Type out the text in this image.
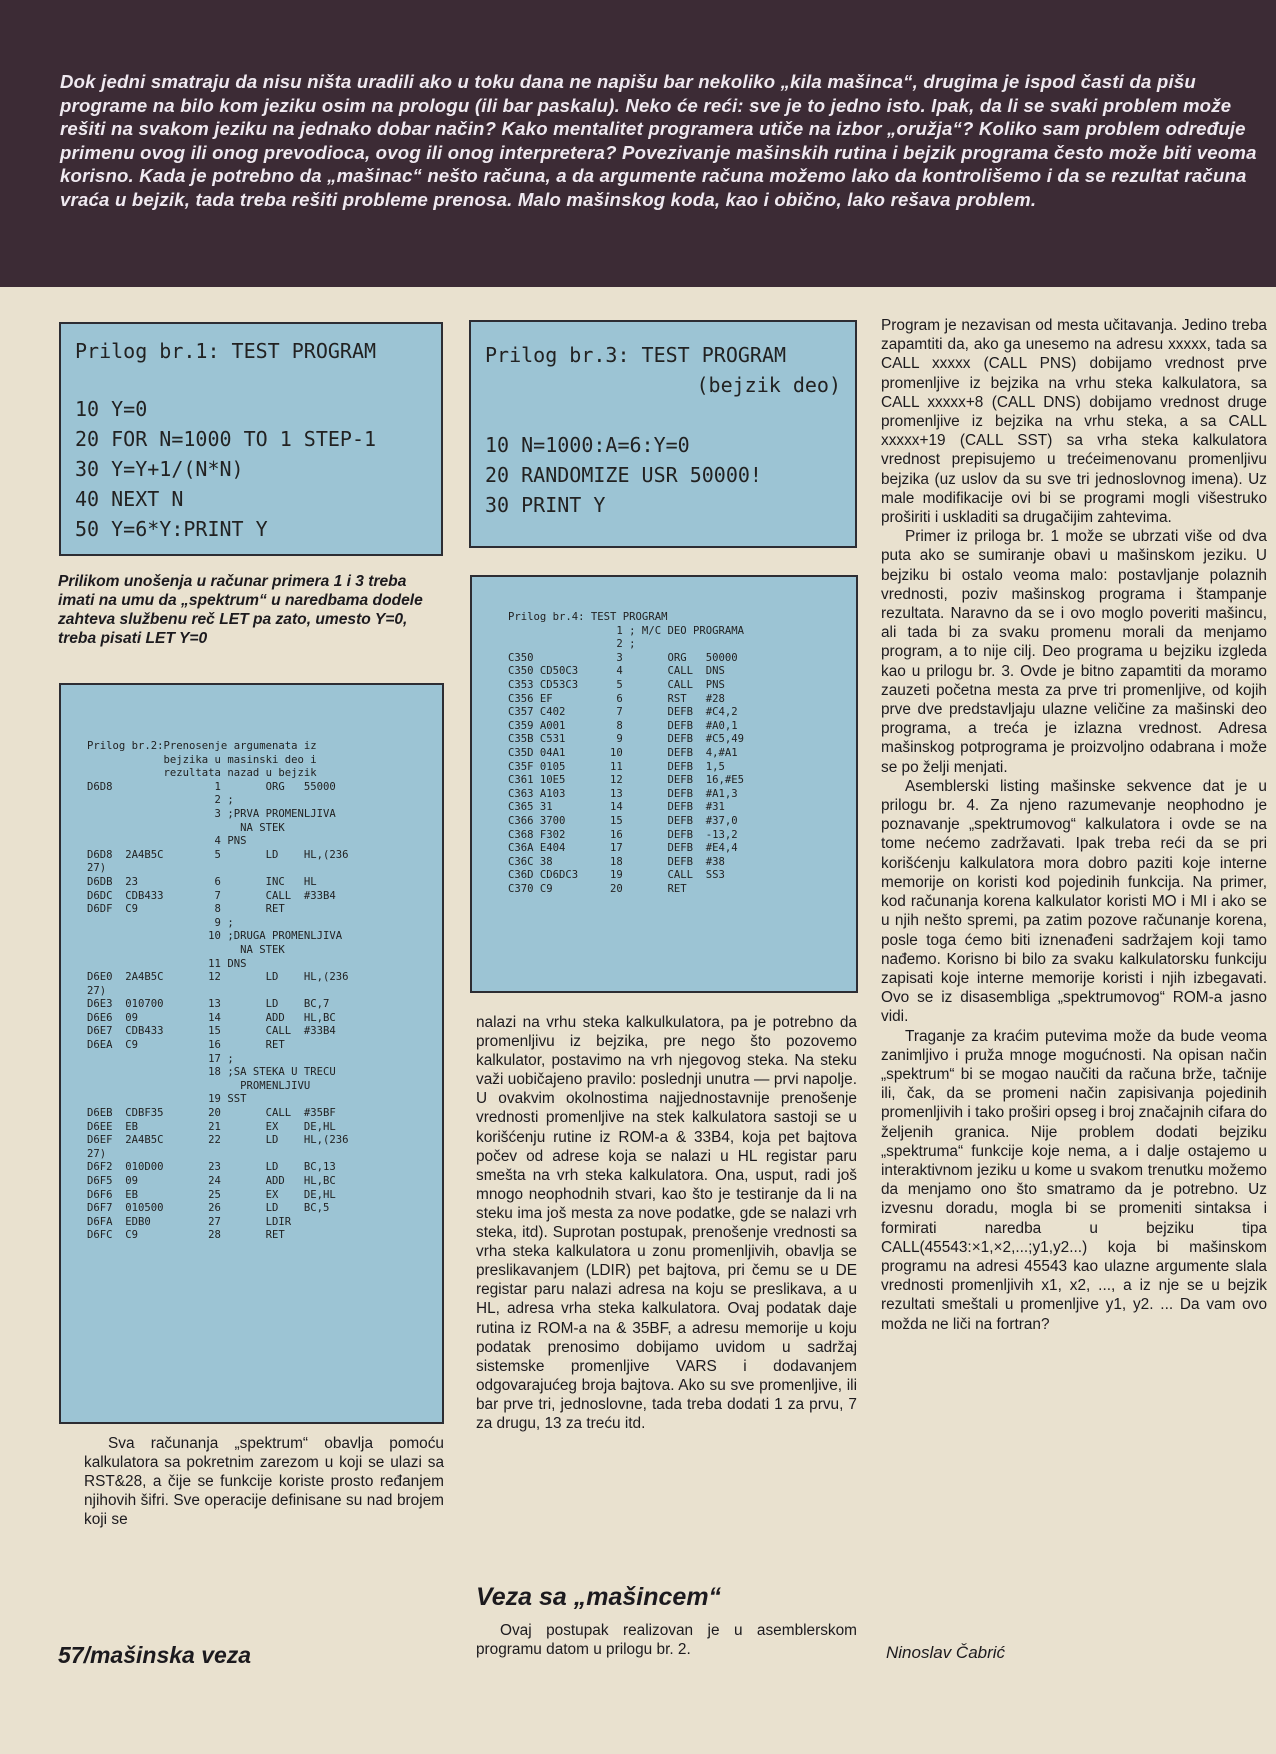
Dok jedni smatraju da nisu ništa uradili ako u toku dana ne napišu bar nekoliko „kila mašinca“, drugima je ispod časti da pišu programe na bilo kom jeziku osim na prologu (ili bar paskalu). Neko će reći: sve je to jedno isto. Ipak, da li se svaki problem može rešiti na svakom jeziku na jednako dobar način? Kako mentalitet programera utiče na izbor „oružja“? Koliko sam problem određuje primenu ovog ili onog prevodioca, ovog ili onog interpretera? Povezivanje mašinskih rutina i bejzik programa često može biti veoma korisno. Kada je potrebno da „mašinac“ nešto računa, a da argumente računa možemo lako da kontrolišemo i da se rezultat računa vraća u bejzik, tada treba rešiti probleme prenosa. Malo mašinskog koda, kao i obično, lako rešava problem.

Prilog br.1: TEST PROGRAM
10 Y=0
20 FOR N=1000 TO 1 STEP-1
30 Y=Y+1/(N*N)
40 NEXT N
50 Y=6*Y:PRINT Y

Prilikom unošenja u računar primera 1 i 3 treba imati na umu da „spektrum“ u naredbama dodele zahteva službenu reč LET pa zato, umesto Y=0, treba pisati LET Y=0

Prilog br.2:Prenosenje argumenata iz
bejzika u masinski deo i
rezultata nazad u bejzik
D6D8                1       ORG   55000
2 ;
3 ;PRVA PROMENLJIVA
NA STEK
4 PNS
D6D8  2A4B5C        5       LD    HL,(236
27)
D6DB  23            6       INC   HL
D6DC  CDB433        7       CALL  #33B4
D6DF  C9            8       RET
9 ;
10 ;DRUGA PROMENLJIVA
NA STEK
11 DNS
D6E0  2A4B5C       12       LD    HL,(236
27)
D6E3  010700       13       LD    BC,7
D6E6  09           14       ADD   HL,BC
D6E7  CDB433       15       CALL  #33B4
D6EA  C9           16       RET
17 ;
18 ;SA STEKA U TRECU
PROMENLJIVU
19 SST
D6EB  CDBF35       20       CALL  #35BF
D6EE  EB           21       EX    DE,HL
D6EF  2A4B5C       22       LD    HL,(236
27)
D6F2  010D00       23       LD    BC,13
D6F5  09           24       ADD   HL,BC
D6F6  EB           25       EX    DE,HL
D6F7  010500       26       LD    BC,5
D6FA  EDB0         27       LDIR
D6FC  C9           28       RET
Prilog br.3: TEST PROGRAM
(bejzik deo)
10 N=1000:A=6:Y=0
20 RANDOMIZE USR 50000!
30 PRINT Y
Prilog br.4: TEST PROGRAM
1 ; M/C DEO PROGRAMA
2 ;
C350             3       ORG   50000
C350 CD50C3      4       CALL  DNS
C353 CD53C3      5       CALL  PNS
C356 EF          6       RST   #28
C357 C402        7       DEFB  #C4,2
C359 A001        8       DEFB  #A0,1
C35B C531        9       DEFB  #C5,49
C35D 04A1       10       DEFB  4,#A1
C35F 0105       11       DEFB  1,5
C361 10E5       12       DEFB  16,#E5
C363 A103       13       DEFB  #A1,3
C365 31         14       DEFB  #31
C366 3700       15       DEFB  #37,0
C368 F302       16       DEFB  -13,2
C36A E404       17       DEFB  #E4,4
C36C 38         18       DEFB  #38
C36D CD6DC3     19       CALL  SS3
C370 C9         20       RET

Sva računanja „spektrum“ obavlja pomoću kalkulatora sa pokretnim zarezom u koji se ulazi sa RST&28, a čije se funkcije koriste prosto ređanjem njihovih šifri. Sve operacije definisane su nad brojem koji se

nalazi na vrhu steka kalkulkulatora, pa je potrebno da promenljivu iz bejzika, pre nego što pozovemo kalkulator, postavimo na vrh njegovog steka. Na steku važi uobičajeno pravilo: poslednji unutra — prvi napolje. U ovakvim okolnostima najjednostavnije prenošenje vrednosti promenljive na stek kalkulatora sastoji se u korišćenju rutine iz ROM-a & 33B4, koja pet bajtova počev od adrese koja se nalazi u HL registar paru smešta na vrh steka kalkulatora. Ona, usput, radi još mnogo neophodnih stvari, kao što je testiranje da li na steku ima još mesta za nove podatke, gde se nalazi vrh steka, itd). Suprotan postupak, prenošenje vrednosti sa vrha steka kalkulatora u zonu promenljivih, obavlja se preslikavanjem (LDIR) pet bajtova, pri čemu se u DE registar paru nalazi adresa na koju se preslikava, a u HL, adresa vrha steka kalkulatora. Ovaj podatak daje rutina iz ROM-a na & 35BF, a adresu memorije u koju podatak prenosimo dobijamo uvidom u sadržaj sistemske promenljive VARS i dodavanjem odgovarajućeg broja bajtova. Ako su sve promenljive, ili bar prve tri, jednoslovne, tada treba dodati 1 za prvu, 7 za drugu, 13 za treću itd.

Veza sa „mašincem“

Ovaj postupak realizovan je u asemblerskom programu datom u prilogu br. 2.

Program je nezavisan od mesta učitavanja. Jedino treba zapamtiti da, ako ga unesemo na adresu xxxxx, tada sa CALL xxxxx (CALL PNS) dobijamo vrednost prve promenljive iz bejzika na vrhu steka kalkulatora, sa CALL xxxxx+8 (CALL DNS) dobijamo vrednost druge promenljive iz bejzika na vrhu steka, a sa CALL xxxxx+19 (CALL SST) sa vrha steka kalkulatora vrednost prepisujemo u trećeimenovanu promenljivu bejzika (uz uslov da su sve tri jednoslovnog imena). Uz male modifikacije ovi bi se programi mogli višestruko proširiti i uskladiti sa drugačijim zahtevima.

Primer iz priloga br. 1 može se ubrzati više od dva puta ako se sumiranje obavi u mašinskom jeziku. U bejziku bi ostalo veoma malo: postavljanje polaznih vrednosti, poziv mašinskog programa i štampanje rezultata. Naravno da se i ovo moglo poveriti mašincu, ali tada bi za svaku promenu morali da menjamo program, a to nije cilj. Deo programa u bejziku izgleda kao u prilogu br. 3. Ovde je bitno zapamtiti da moramo zauzeti početna mesta za prve tri promenljive, od kojih prve dve predstavljaju ulazne veličine za mašinski deo programa, a treća je izlazna vrednost. Adresa mašinskog potprograma je proizvoljno odabrana i može se po želji menjati.

Asemblerski listing mašinske sekvence dat je u prilogu br. 4. Za njeno razumevanje neophodno je poznavanje „spektrumovog“ kalkulatora i ovde se na tome nećemo zadržavati. Ipak treba reći da se pri korišćenju kalkulatora mora dobro paziti koje interne memorije on koristi kod pojedinih funkcija. Na primer, kod računanja korena kalkulator koristi MO i MI i ako se u njih nešto spremi, pa zatim pozove računanje korena, posle toga ćemo biti iznenađeni sadržajem koji tamo nađemo. Korisno bi bilo za svaku kalkulatorsku funkciju zapisati koje interne memorije koristi i njih izbegavati. Ovo se iz disasembliga „spektrumovog“ ROM-a jasno vidi.

Traganje za kraćim putevima može da bude veoma zanimljivo i pruža mnoge mogućnosti. Na opisan način „spektrum“ bi se mogao naučiti da računa brže, tačnije ili, čak, da se promeni način zapisivanja pojedinih promenljivih i tako proširi opseg i broj značajnih cifara do željenih granica. Nije problem dodati bejziku „spektruma“ funkcije koje nema, a i dalje ostajemo u interaktivnom jeziku u kome u svakom trenutku možemo da menjamo ono što smatramo da je potrebno. Uz izvesnu doradu, mogla bi se promeniti sintaksa i formirati naredba u bejziku tipa CALL(45543:×1,×2,...;y1,y2...) koja bi mašinskom programu na adresi 45543 kao ulazne argumente slala vrednosti promenljivih x1, x2, ..., a iz nje se u bejzik rezultati smeštali u promenljive y1, y2. ... Da vam ovo možda ne liči na fortran?

Ninoslav Čabrić

57/mašinska veza
